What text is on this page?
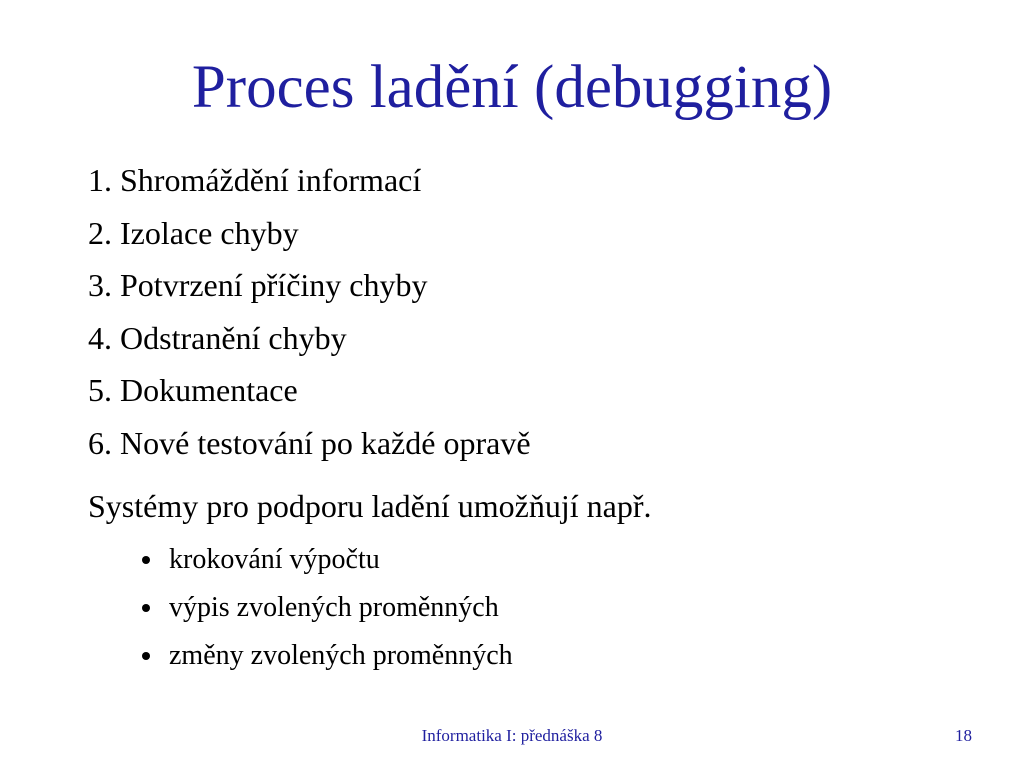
Proces ladění (debugging)
1. Shromáždění informací
2. Izolace chyby
3. Potvrzení příčiny chyby
4. Odstranění chyby
5. Dokumentace
6. Nové testování po každé opravě
Systémy pro podporu ladění umožňují např.
krokování výpočtu
výpis zvolených proměnných
změny zvolených proměnných
Informatika I: přednáška 8	18
